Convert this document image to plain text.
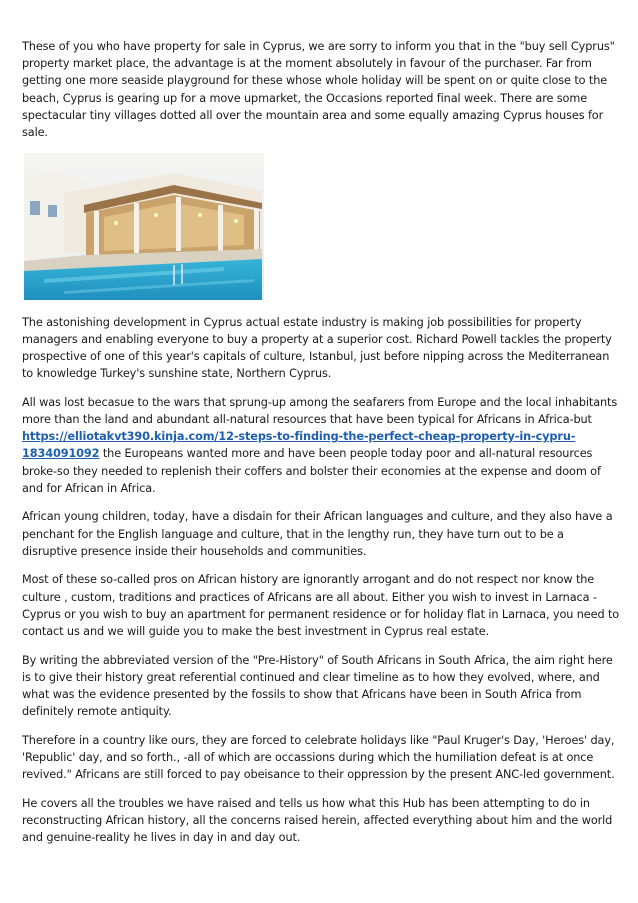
These of you who have property for sale in Cyprus, we are sorry to inform you that in the "buy sell Cyprus" property market place, the advantage is at the moment absolutely in favour of the purchaser. Far from getting one more seaside playground for these whose whole holiday will be spent on or quite close to the beach, Cyprus is gearing up for a move upmarket, the Occasions reported final week. There are some spectacular tiny villages dotted all over the mountain area and some equally amazing Cyprus houses for sale.

The astonishing development in Cyprus actual estate industry is making job possibilities for property managers and enabling everyone to buy a property at a superior cost. Richard Powell tackles the property prospective of one of this year's capitals of culture, Istanbul, just before nipping across the Mediterranean to knowledge Turkey's sunshine state, Northern Cyprus.

All was lost becasue to the wars that sprung-up among the seafarers from Europe and the local inhabitants more than the land and abundant all-natural resources that have been typical for Africans in Africa-but https://elliotakvt390.kinja.com/12-steps-to-finding-the-perfect-cheap-property-in-cypru-1834091092 the Europeans wanted more and have been people today poor and all-natural resources broke-so they needed to replenish their coffers and bolster their economies at the expense and doom of and for African in Africa.

African young children, today, have a disdain for their African languages and culture, and they also have a penchant for the English language and culture, that in the lengthy run, they have turn out to be a disruptive presence inside their households and communities.

Most of these so-called pros on African history are ignorantly arrogant and do not respect nor know the culture , custom, traditions and practices of Africans are all about. Either you wish to invest in Larnaca - Cyprus or you wish to buy an apartment for permanent residence or for holiday flat in Larnaca, you need to contact us and we will guide you to make the best investment in Cyprus real estate.

By writing the abbreviated version of the "Pre-History" of South Africans in South Africa, the aim right here is to give their history great referential continued and clear timeline as to how they evolved, where, and what was the evidence presented by the fossils to show that Africans have been in South Africa from definitely remote antiquity.

Therefore in a country like ours, they are forced to celebrate holidays like "Paul Kruger's Day, 'Heroes' day, 'Republic' day, and so forth., -all of which are occassions during which the humiliation defeat is at once revived." Africans are still forced to pay obeisance to their oppression by the present ANC-led government.

He covers all the troubles we have raised and tells us how what this Hub has been attempting to do in reconstructing African history, all the concerns raised herein, affected everything about him and the world and genuine-reality he lives in day in and day out.
